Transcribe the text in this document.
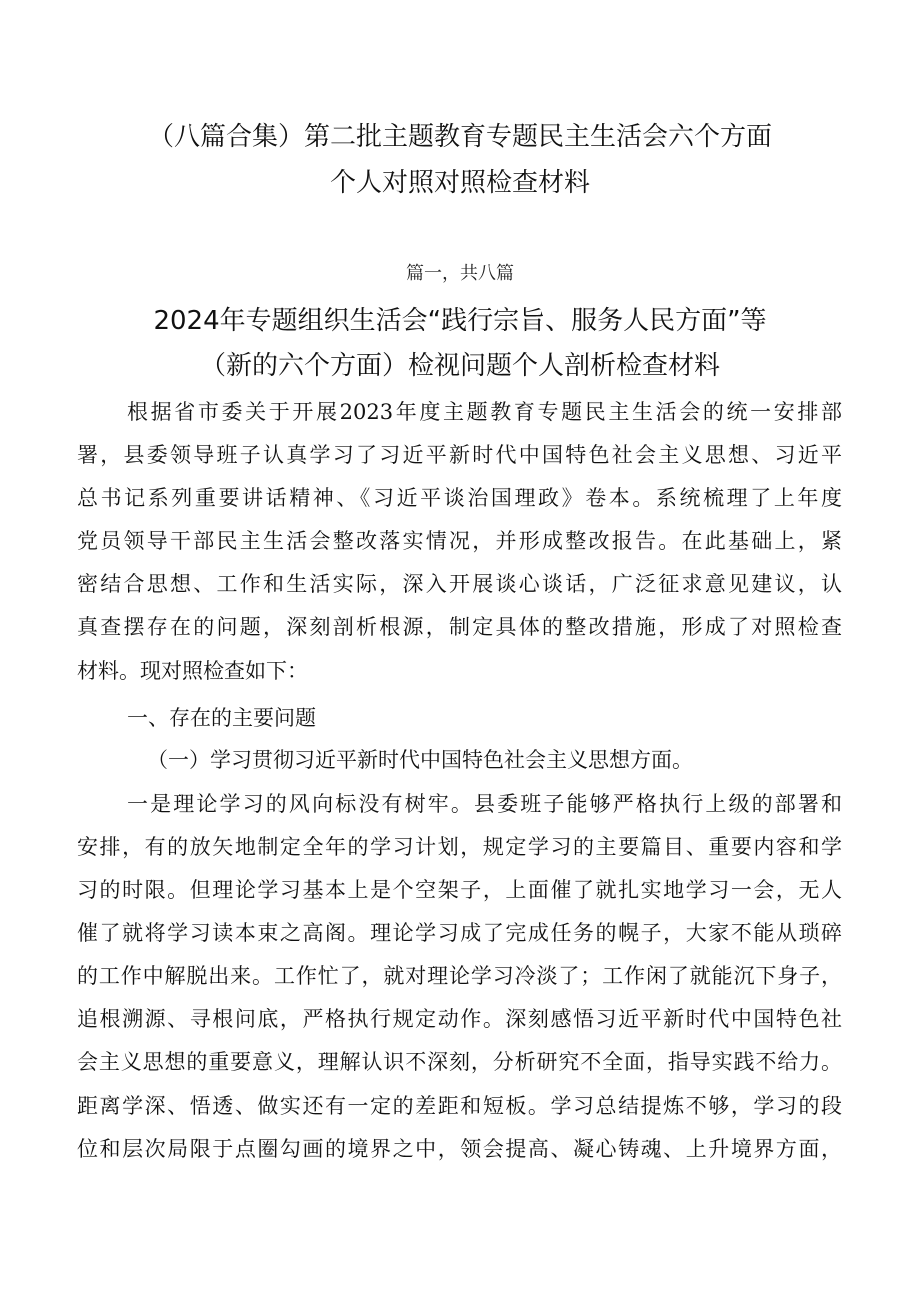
（八篇合集）第二批主题教育专题民主生活会六个方面
个人对照对照检查材料
篇一，共八篇
2024年专题组织生活会“践行宗旨、服务人民方面”等
（新的六个方面）检视问题个人剖析检查材料
根据省市委关于开展2023年度主题教育专题民主生活会的统一安排部
署，县委领导班子认真学习了习近平新时代中国特色社会主义思想、习近平
总书记系列重要讲话精神、《习近平谈治国理政》卷本。系统梳理了上年度
党员领导干部民主生活会整改落实情况，并形成整改报告。在此基础上，紧
密结合思想、工作和生活实际，深入开展谈心谈话，广泛征求意见建议，认
真查摆存在的问题，深刻剖析根源，制定具体的整改措施，形成了对照检查
材料。现对照检查如下：
一、存在的主要问题
（一）学习贯彻习近平新时代中国特色社会主义思想方面。
一是理论学习的风向标没有树牢。县委班子能够严格执行上级的部署和
安排，有的放矢地制定全年的学习计划，规定学习的主要篇目、重要内容和学
习的时限。但理论学习基本上是个空架子，上面催了就扎实地学习一会，无人
催了就将学习读本束之高阁。理论学习成了完成任务的幌子，大家不能从琐碎
的工作中解脱出来。工作忙了，就对理论学习冷淡了；工作闲了就能沉下身子，
追根溯源、寻根问底，严格执行规定动作。深刻感悟习近平新时代中国特色社
会主义思想的重要意义，理解认识不深刻，分析研究不全面，指导实践不给力。
距离学深、悟透、做实还有一定的差距和短板。学习总结提炼不够，学习的段
位和层次局限于点圈勾画的境界之中，领会提高、凝心铸魂、上升境界方面，
